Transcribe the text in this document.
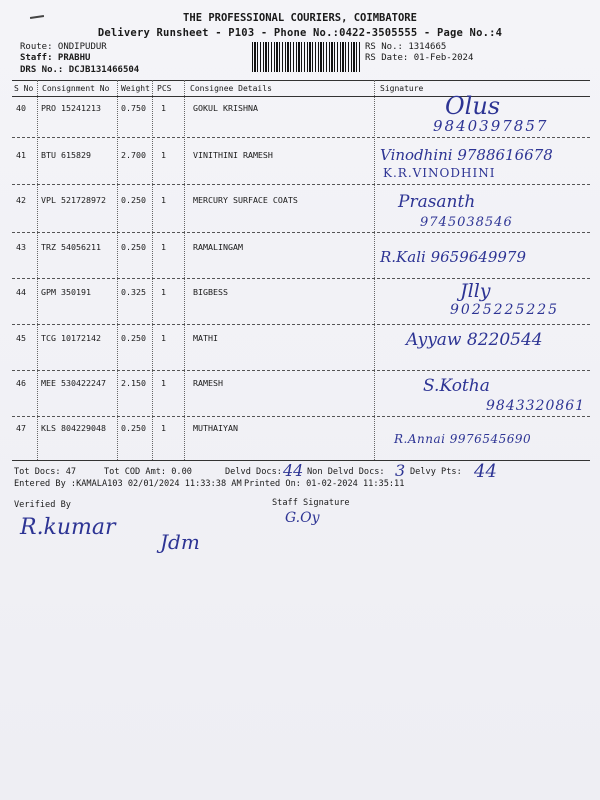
THE PROFESSIONAL COURIERS, COIMBATORE
Delivery Runsheet - P103 - Phone No.:0422-3505555 - Page No.:4
Route: ONDIPUDUR
Staff: PRABHU
DRS No.: DCJB131466504
RS No.: 1314665
RS Date: 01-Feb-2024
S No Consignment No Weight PCS Consignee Details	Signature
40 PRO 15241213 0.750 1	GOKUL KRISHNA	Olus
9840397857
41 BTU 615829	2.700 1	VINITHINI RAMESH	Vinodhini 9788616678
K.R.VINODHINI
42 VPL 521728972 0.250 1	MERCURY SURFACE COATS	Prasanth
9745038546
43 TRZ 54056211 0.250 1	RAMALINGAM
R.Kali 9659649979
44 GPM 350191	0.325 1	BIGBESS	Jlly
9025225225
45 TCG 10172142 0.250 1	MATHI	Ayyaw 8220544
46 MEE 530422247 2.150 1	RAMESH	S.Kotha
9843320861
47 KLS 804229048 0.250 1	MUTHAIYAN
R.Annai 9976545690
Tot Docs: 47	Tot COD Amt: 0.00	Delvd Docs: 44 Non Delvd Docs: 3 Delvy Pts: 44
Entered By :KAMALA103 02/01/2024 11:33:38 AM Printed On: 01-02-2024 11:35:11
Verified By	Staff Signature
R.kumar
Jdm
G.Oy
